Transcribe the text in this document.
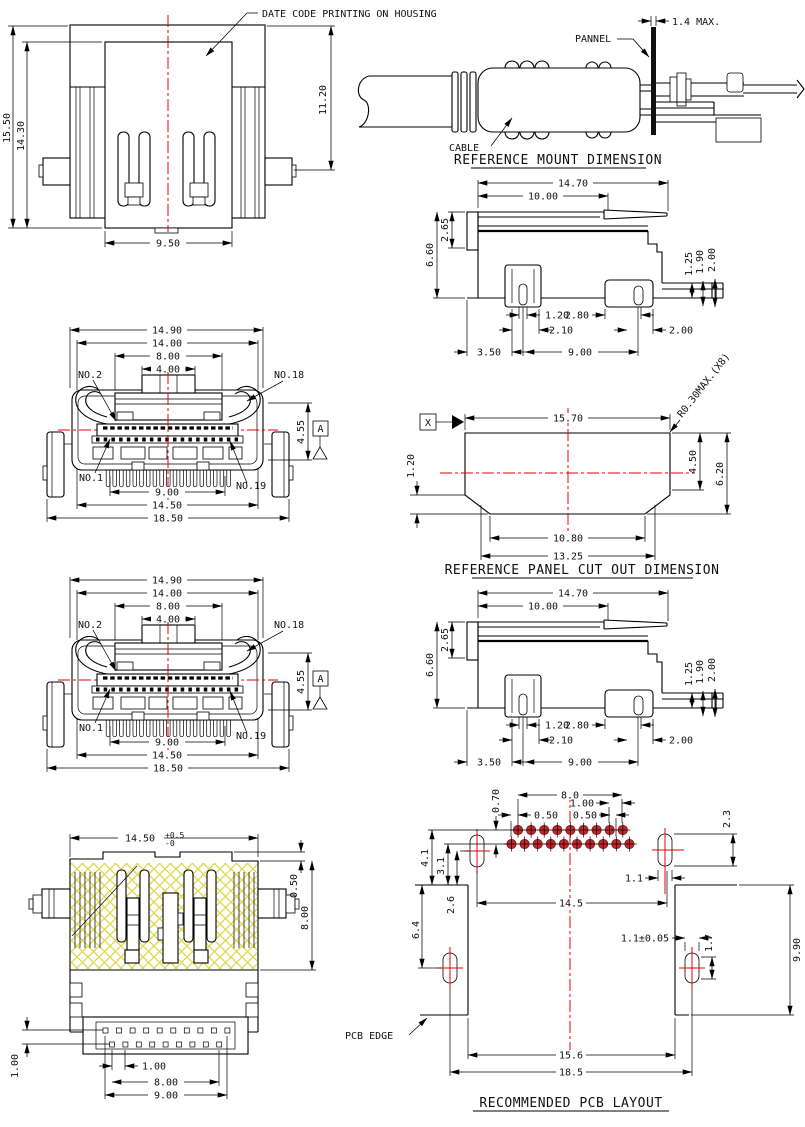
15.50 14.30
11.20
9.50
DATE CODE PRINTING ON HOUSING
1.4 MAX.
PANNEL
CABLE
REFERENCE MOUNT DIMENSION
14.70
10.00
2.65
6.60	1.25 1.90 2.00
1.20
2.10
2.80
2.00
3.50	9.00
14.90
14.00
8.00
4.00
NO.2	NO.18
NO.1
NO.19
4.55 A
9.00
14.50
18.50
15.70
X
R0.30MAX.(X8)
1.20	4.50 6.20
10.80
13.25
REFERENCE PANEL CUT OUT DIMENSION
14.50 +0.5
-0
0.50
8.00
1.00	1.00
8.00
9.00
0.70	8.0
1.00
0.50 0.50	2.3
1.1
4.1 3.1
2.6
6.4
14.5
1.1±0.05	1.7	9.90
PCB EDGE
15.6
18.5
RECOMMENDED PCB LAYOUT
